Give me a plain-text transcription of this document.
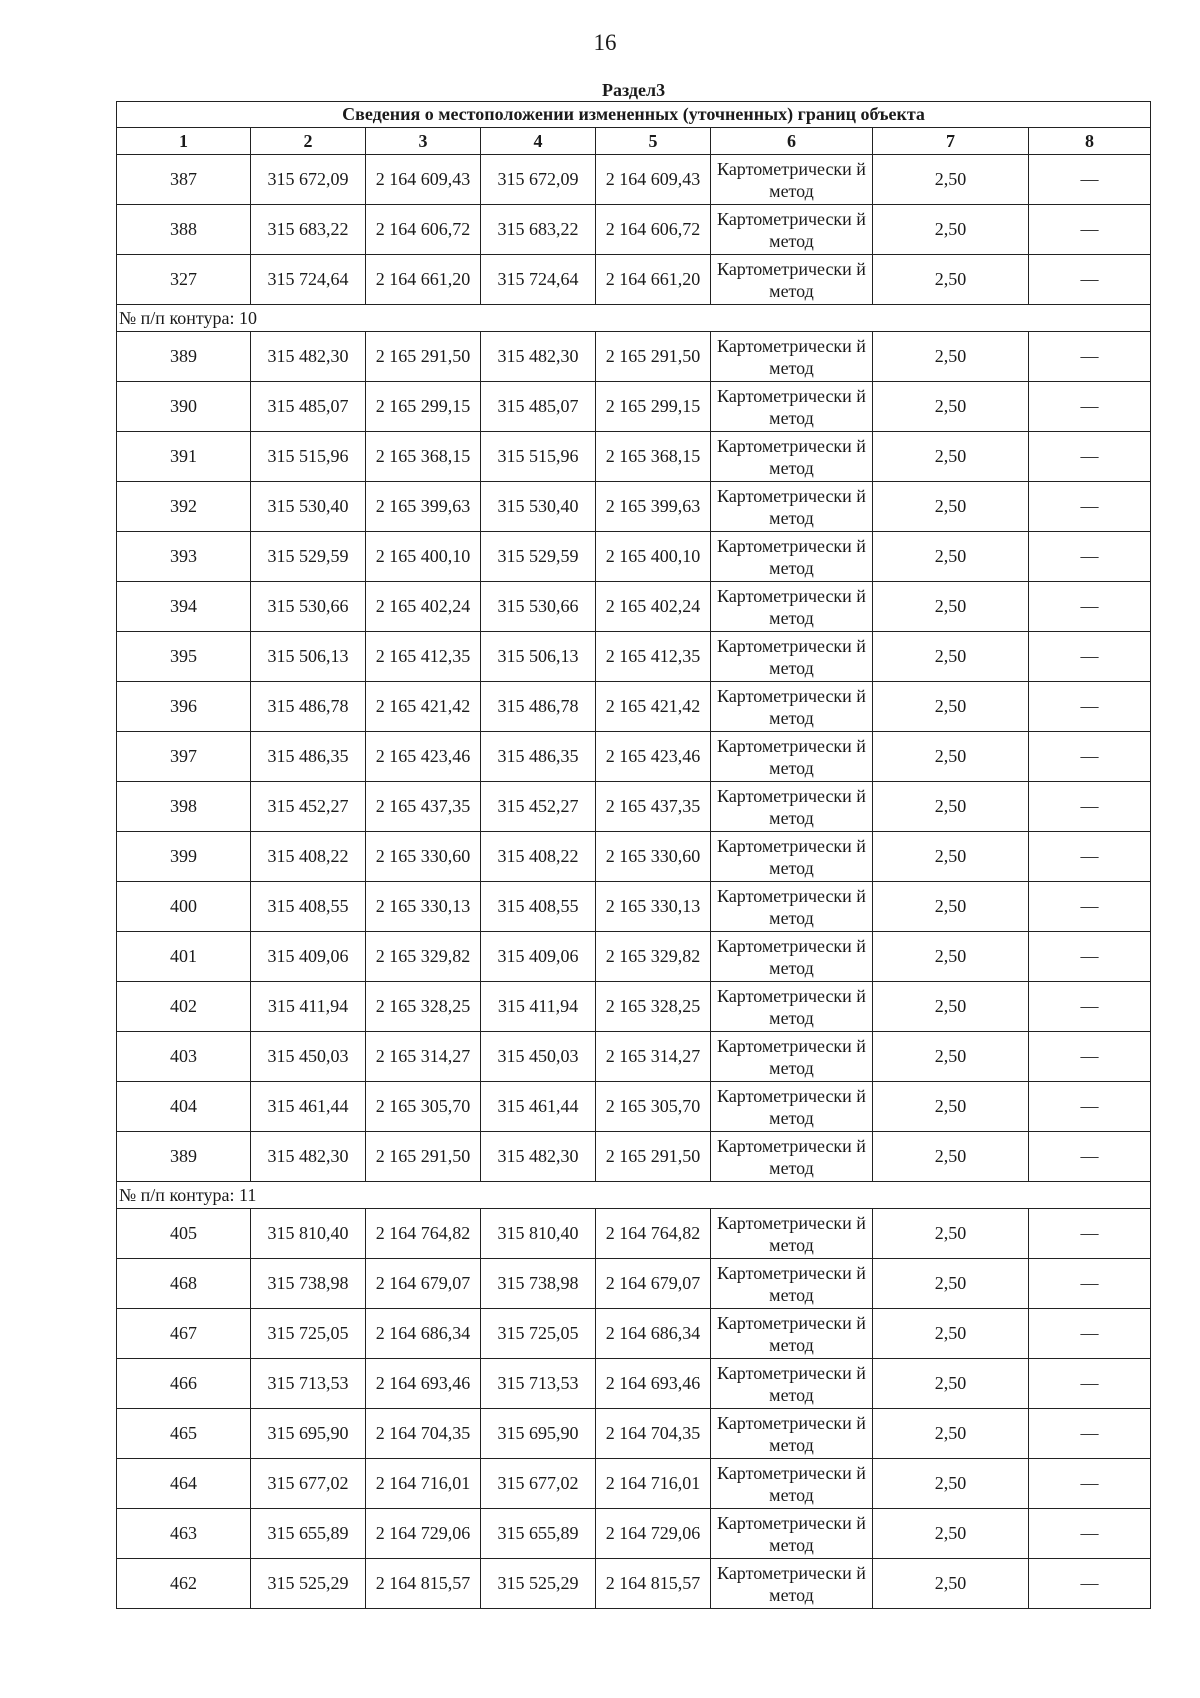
16
Раздел3							
Сведения о местоположении измененных (уточненных) границ объекта							
1	2	3	4	5	6	7	8
387	315 672,09	2 164 609,43	315 672,09	2 164 609,43	Картометрически й метод	2,50	—
388	315 683,22	2 164 606,72	315 683,22	2 164 606,72	Картометрически й метод	2,50	—
327	315 724,64	2 164 661,20	315 724,64	2 164 661,20	Картометрически й метод	2,50	—
№ п/п контура: 10							
389	315 482,30	2 165 291,50	315 482,30	2 165 291,50	Картометрически й метод	2,50	—
390	315 485,07	2 165 299,15	315 485,07	2 165 299,15	Картометрически й метод	2,50	—
391	315 515,96	2 165 368,15	315 515,96	2 165 368,15	Картометрически й метод	2,50	—
392	315 530,40	2 165 399,63	315 530,40	2 165 399,63	Картометрически й метод	2,50	—
393	315 529,59	2 165 400,10	315 529,59	2 165 400,10	Картометрически й метод	2,50	—
394	315 530,66	2 165 402,24	315 530,66	2 165 402,24	Картометрически й метод	2,50	—
395	315 506,13	2 165 412,35	315 506,13	2 165 412,35	Картометрически й метод	2,50	—
396	315 486,78	2 165 421,42	315 486,78	2 165 421,42	Картометрически й метод	2,50	—
397	315 486,35	2 165 423,46	315 486,35	2 165 423,46	Картометрически й метод	2,50	—
398	315 452,27	2 165 437,35	315 452,27	2 165 437,35	Картометрически й метод	2,50	—
399	315 408,22	2 165 330,60	315 408,22	2 165 330,60	Картометрически й метод	2,50	—
400	315 408,55	2 165 330,13	315 408,55	2 165 330,13	Картометрически й метод	2,50	—
401	315 409,06	2 165 329,82	315 409,06	2 165 329,82	Картометрически й метод	2,50	—
402	315 411,94	2 165 328,25	315 411,94	2 165 328,25	Картометрически й метод	2,50	—
403	315 450,03	2 165 314,27	315 450,03	2 165 314,27	Картометрически й метод	2,50	—
404	315 461,44	2 165 305,70	315 461,44	2 165 305,70	Картометрически й метод	2,50	—
389	315 482,30	2 165 291,50	315 482,30	2 165 291,50	Картометрически й метод	2,50	—
№ п/п контура: 11							
405	315 810,40	2 164 764,82	315 810,40	2 164 764,82	Картометрически й метод	2,50	—
468	315 738,98	2 164 679,07	315 738,98	2 164 679,07	Картометрически й метод	2,50	—
467	315 725,05	2 164 686,34	315 725,05	2 164 686,34	Картометрически й метод	2,50	—
466	315 713,53	2 164 693,46	315 713,53	2 164 693,46	Картометрически й метод	2,50	—
465	315 695,90	2 164 704,35	315 695,90	2 164 704,35	Картометрически й метод	2,50	—
464	315 677,02	2 164 716,01	315 677,02	2 164 716,01	Картометрически й метод	2,50	—
463	315 655,89	2 164 729,06	315 655,89	2 164 729,06	Картометрически й метод	2,50	—
462	315 525,29	2 164 815,57	315 525,29	2 164 815,57	Картометрически й метод	2,50	—
